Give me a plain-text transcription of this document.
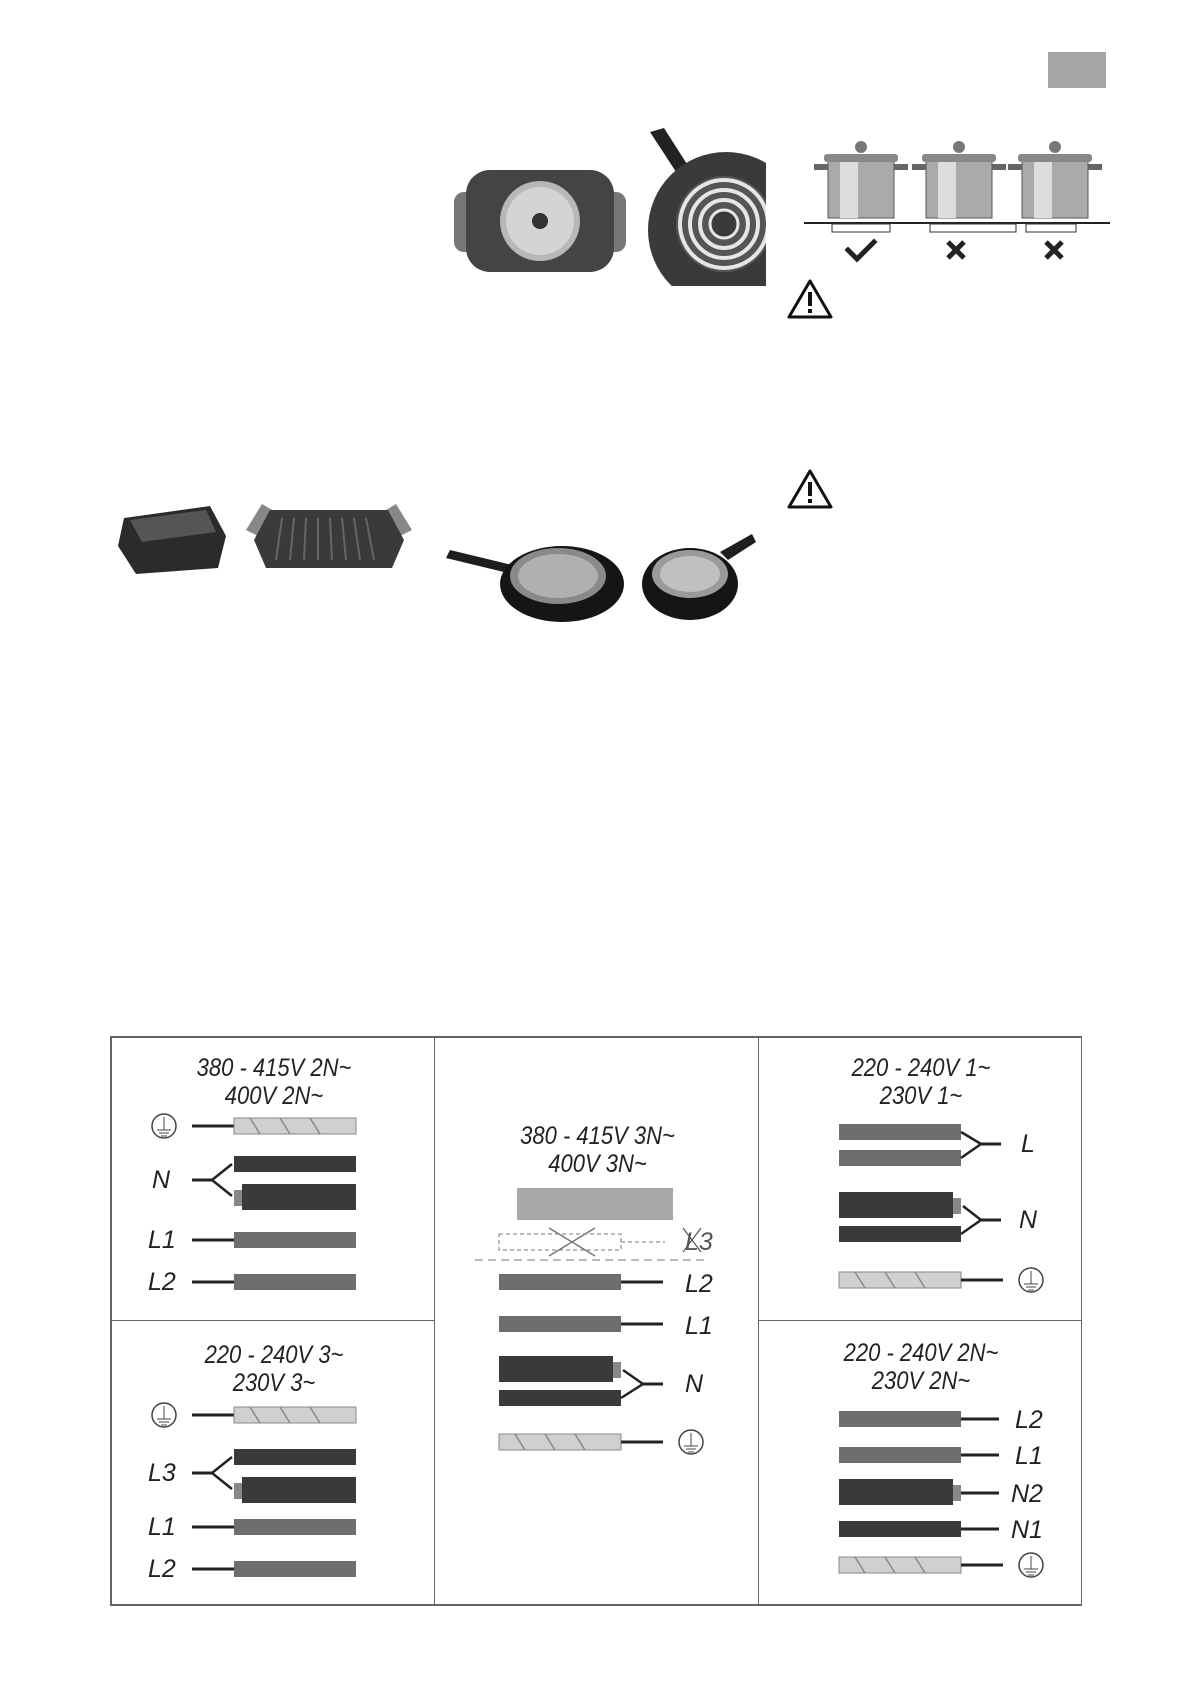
380 - 415V 2N~
400V 2N~
N
L1
L2
380 - 415V 3N~
400V 3N~
L3
L2
L1
N
220 - 240V 1~
230V 1~
L
N
220 - 240V 3~
230V 3~
L3
L1
L2
220 - 240V 2N~
230V 2N~
L2
L1
N2
N1
